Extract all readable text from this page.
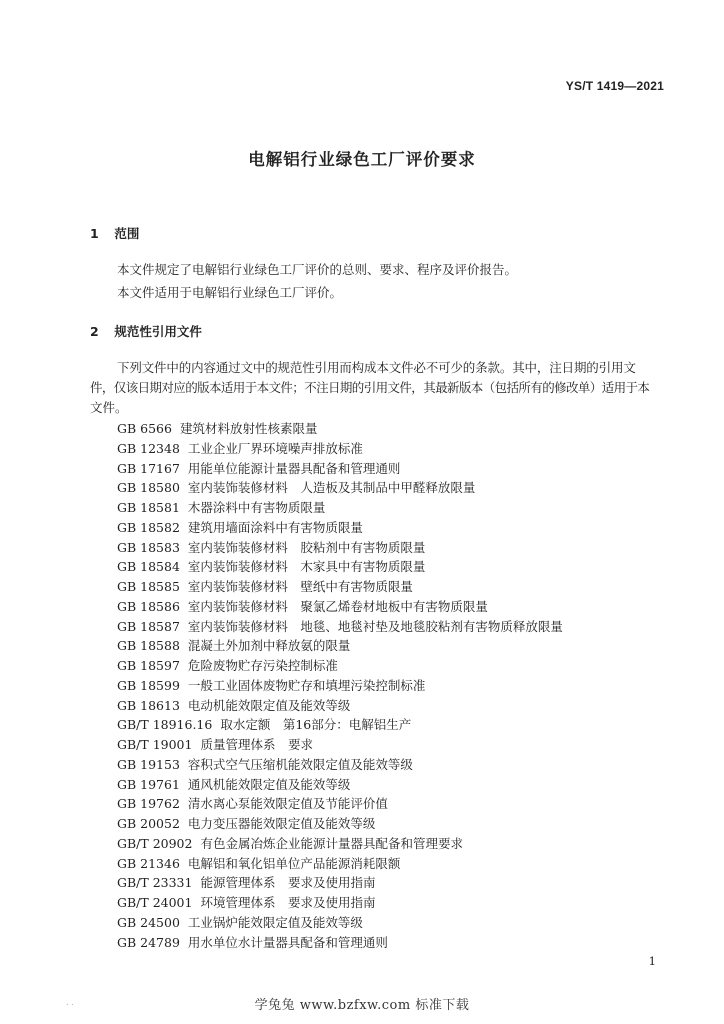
YS/T 1419—2021
电解铝行业绿色工厂评价要求
1 范围
本文件规定了电解铝行业绿色工厂评价的总则、要求、程序及评价报告。
本文件适用于电解铝行业绿色工厂评价。
2 规范性引用文件
下列文件中的内容通过文中的规范性引用而构成本文件必不可少的条款。其中，注日期的引用文
件，仅该日期对应的版本适用于本文件；不注日期的引用文件，其最新版本（包括所有的修改单）适用于本
文件。
GB 6566 建筑材料放射性核素限量
GB 12348 工业企业厂界环境噪声排放标准
GB 17167 用能单位能源计量器具配备和管理通则
GB 18580 室内装饰装修材料　人造板及其制品中甲醛释放限量
GB 18581 木器涂料中有害物质限量
GB 18582 建筑用墙面涂料中有害物质限量
GB 18583 室内装饰装修材料　胶粘剂中有害物质限量
GB 18584 室内装饰装修材料　木家具中有害物质限量
GB 18585 室内装饰装修材料　壁纸中有害物质限量
GB 18586 室内装饰装修材料　聚氯乙烯卷材地板中有害物质限量
GB 18587 室内装饰装修材料　地毯、地毯衬垫及地毯胶粘剂有害物质释放限量
GB 18588 混凝土外加剂中释放氨的限量
GB 18597 危险废物贮存污染控制标准
GB 18599 一般工业固体废物贮存和填埋污染控制标准
GB 18613 电动机能效限定值及能效等级
GB/T 18916.16 取水定额　第16部分：电解铝生产
GB/T 19001 质量管理体系　要求
GB 19153 容积式空气压缩机能效限定值及能效等级
GB 19761 通风机能效限定值及能效等级
GB 19762 清水离心泵能效限定值及节能评价值
GB 20052 电力变压器能效限定值及能效等级
GB/T 20902 有色金属冶炼企业能源计量器具配备和管理要求
GB 21346 电解铝和氧化铝单位产品能源消耗限额
GB/T 23331 能源管理体系　要求及使用指南
GB/T 24001 环境管理体系　要求及使用指南
GB 24500 工业锅炉能效限定值及能效等级
GB 24789 用水单位水计量器具配备和管理通则
1
. .	学兔兔 www.bzfxw.com 标准下载
